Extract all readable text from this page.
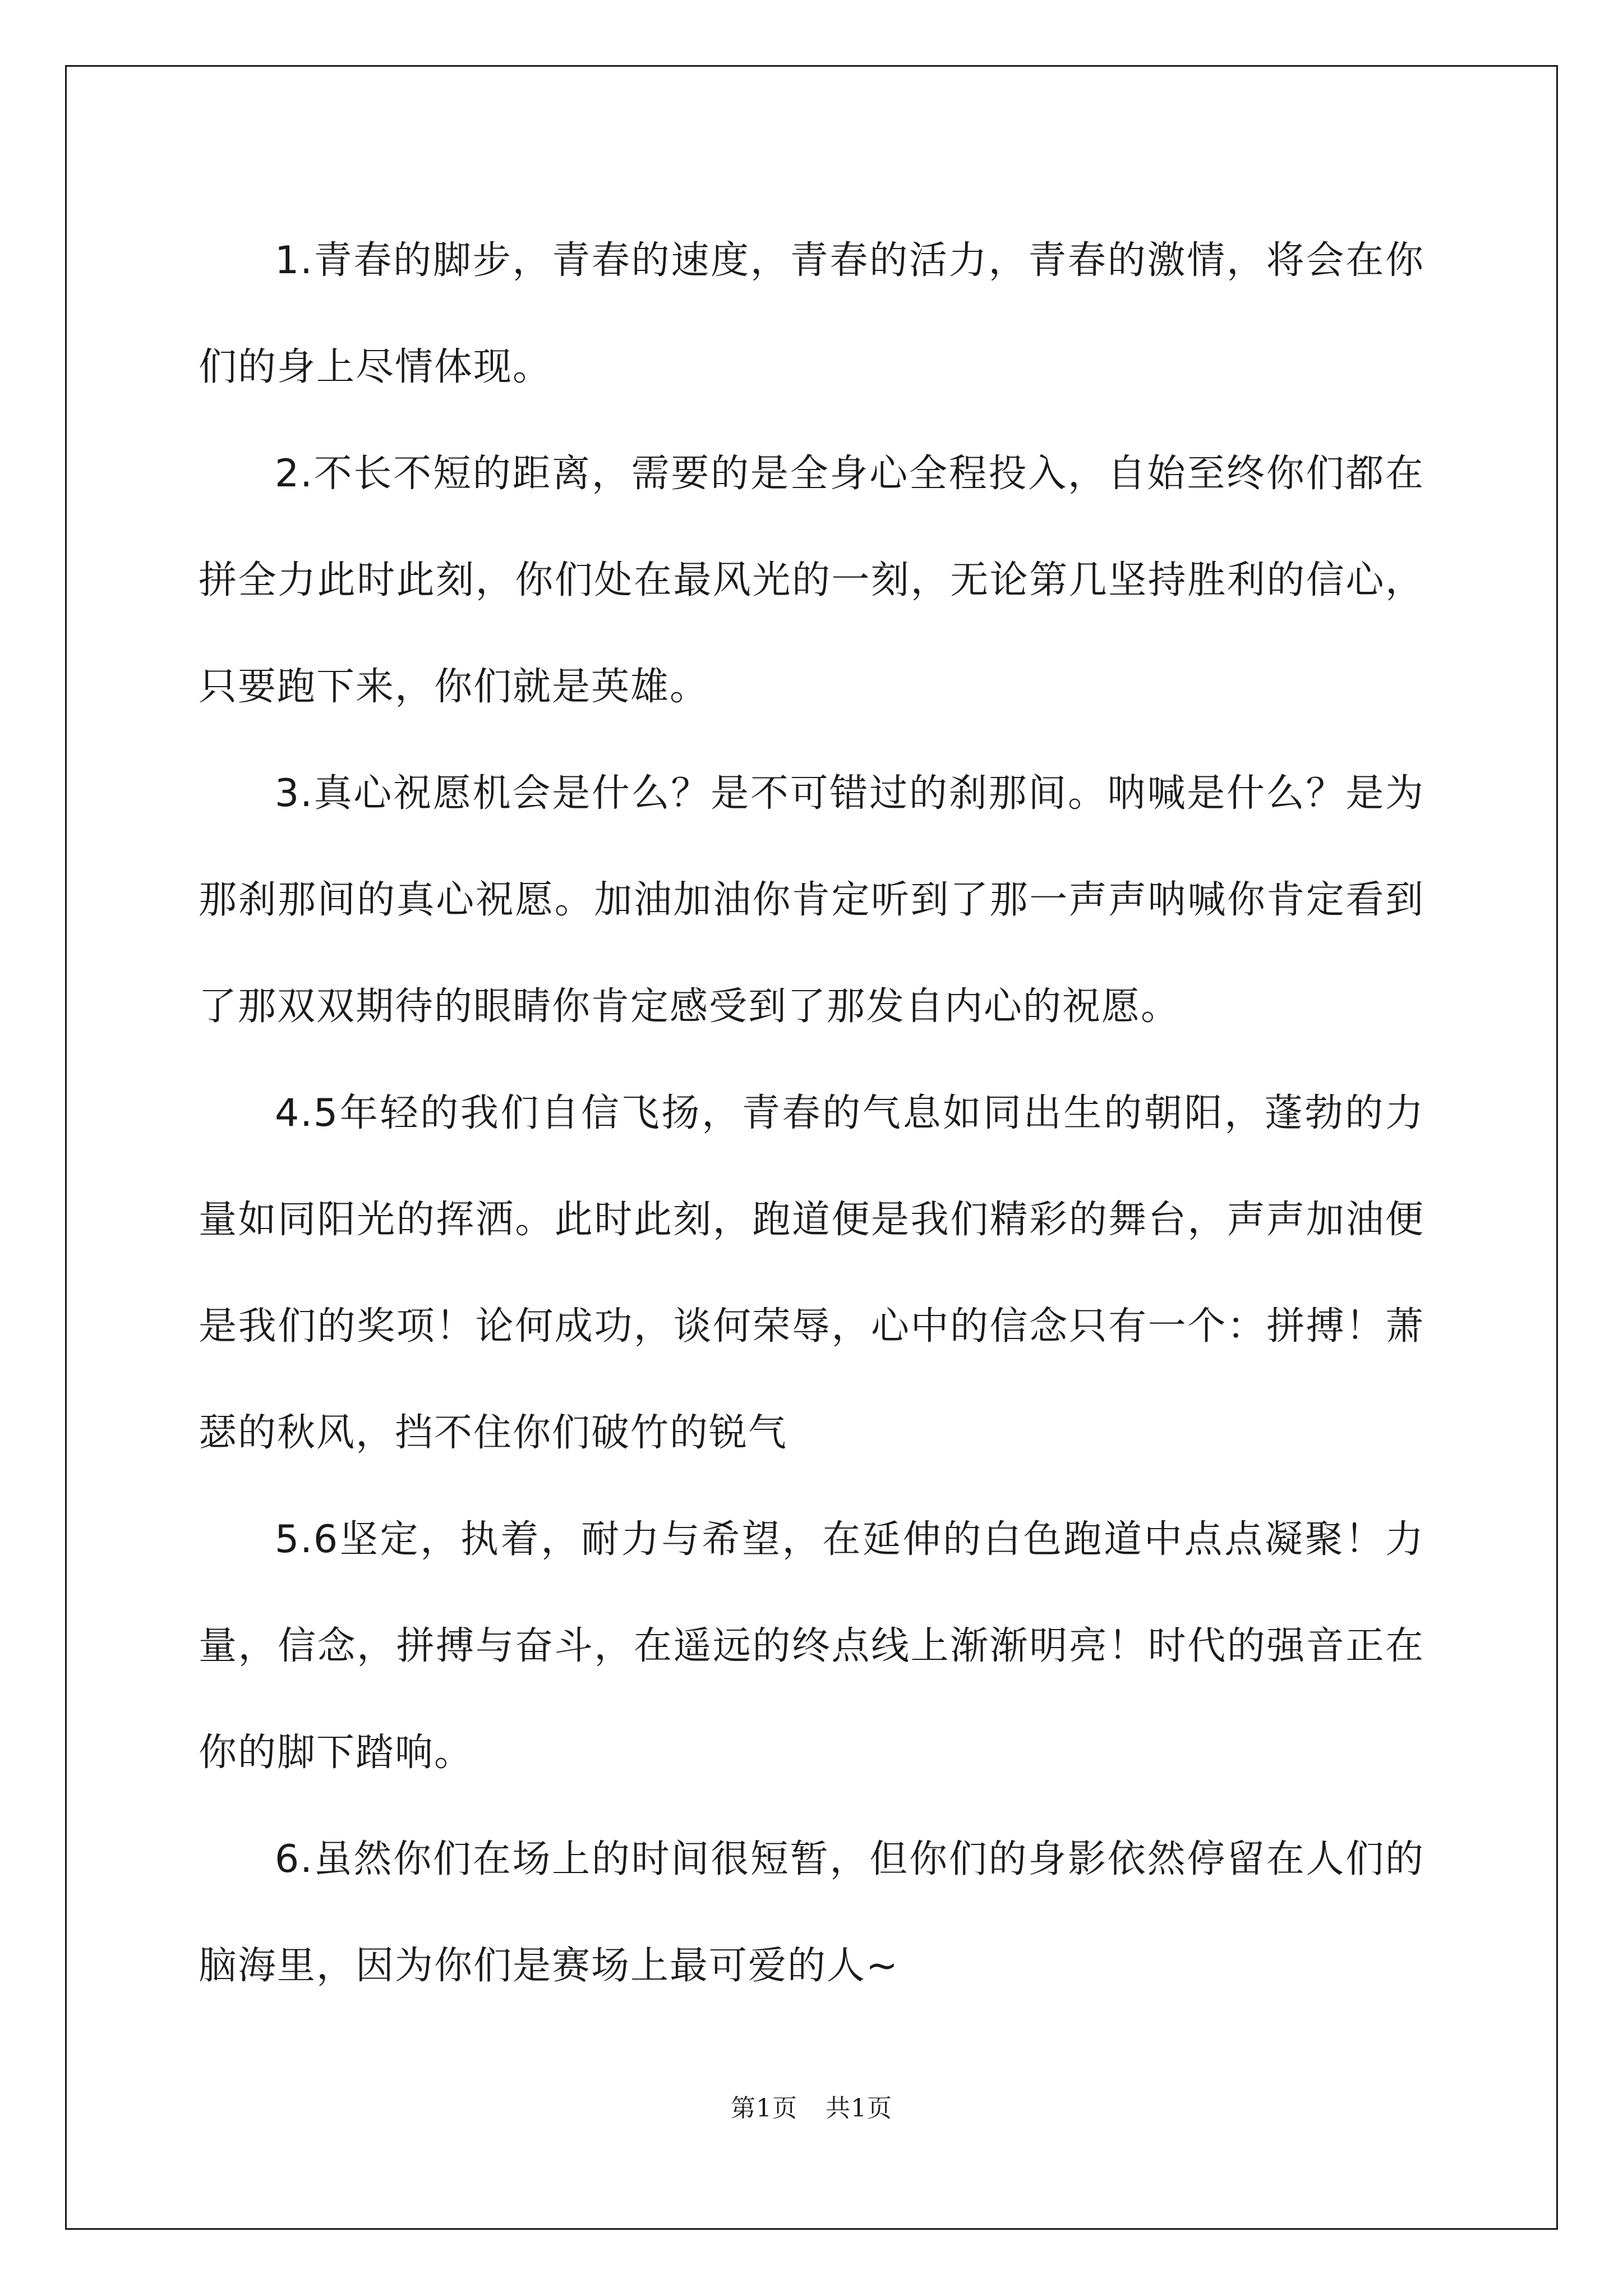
1.青春的脚步，青春的速度，青春的活力，青春的激情，将会在你们的身上尽情体现。

2.不长不短的距离，需要的是全身心全程投入，自始至终你们都在拼全力此时此刻，你们处在最风光的一刻，无论第几坚持胜利的信心，只要跑下来，你们就是英雄。

3.真心祝愿机会是什么？是不可错过的刹那间。呐喊是什么？是为那刹那间的真心祝愿。加油加油你肯定听到了那一声声呐喊你肯定看到了那双双期待的眼睛你肯定感受到了那发自内心的祝愿。

4.5年轻的我们自信飞扬，青春的气息如同出生的朝阳，蓬勃的力量如同阳光的挥洒。此时此刻，跑道便是我们精彩的舞台，声声加油便是我们的奖项！论何成功，谈何荣辱，心中的信念只有一个：拼搏！萧瑟的秋风，挡不住你们破竹的锐气

5.6坚定，执着，耐力与希望，在延伸的白色跑道中点点凝聚！力量，信念，拼搏与奋斗，在遥远的终点线上渐渐明亮！时代的强音正在你的脚下踏响。

6.虽然你们在场上的时间很短暂，但你们的身影依然停留在人们的脑海里，因为你们是赛场上最可爱的人~

第1页 共1页
